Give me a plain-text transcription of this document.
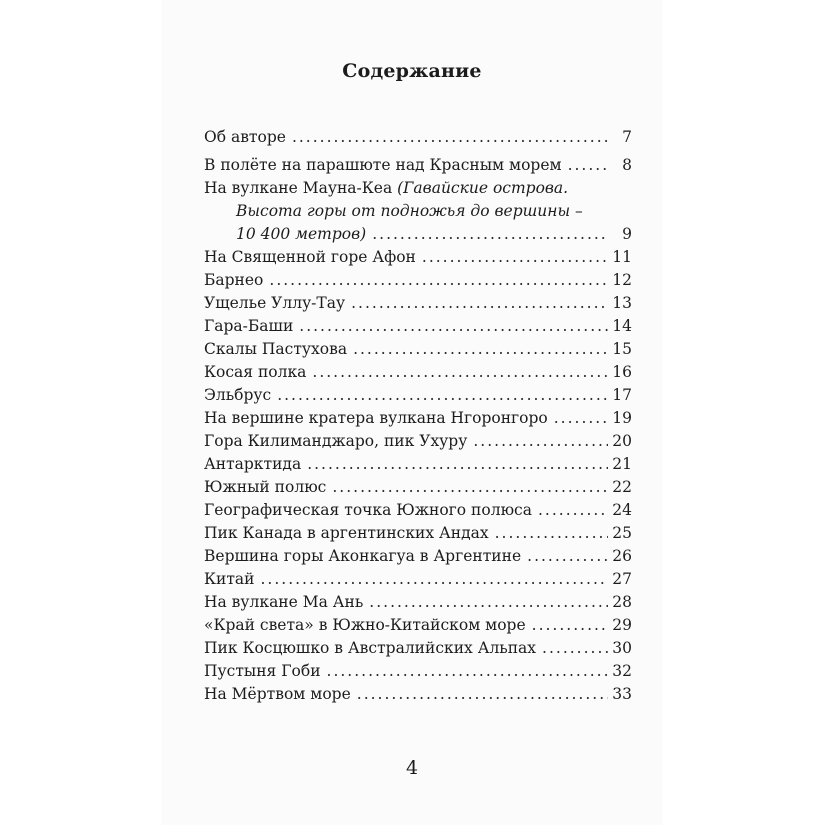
Содержание
Об авторе .....	7
В полёте на парашюте над Красным морем .....	8
На вулкане Мауна-Кеа (Гавайские острова.
Высота горы от подножья до вершины –
10 400 метров) .....	9
На Священной горе Афон .....	11
Барнео .....	12
Ущелье Уллу-Тау .....	13
Гара-Баши .....	14
Скалы Пастухова .....	15
Косая полка .....	16
Эльбрус .....	17
На вершине кратера вулкана Нгоронгоро .....	19
Гора Килиманджаро, пик Ухуру .....	20
Антарктида .....	21
Южный полюс .....	22
Географическая точка Южного полюса .....	24
Пик Канада в аргентинских Андах .....	25
Вершина горы Аконкагуа в Аргентине .....	26
Китай .....	27
На вулкане Ма Ань .....	28
«Край света» в Южно-Китайском море .....	29
Пик Косцюшко в Австралийских Альпах .....	30
Пустыня Гоби .....	32
На Мёртвом море .....	33
4
